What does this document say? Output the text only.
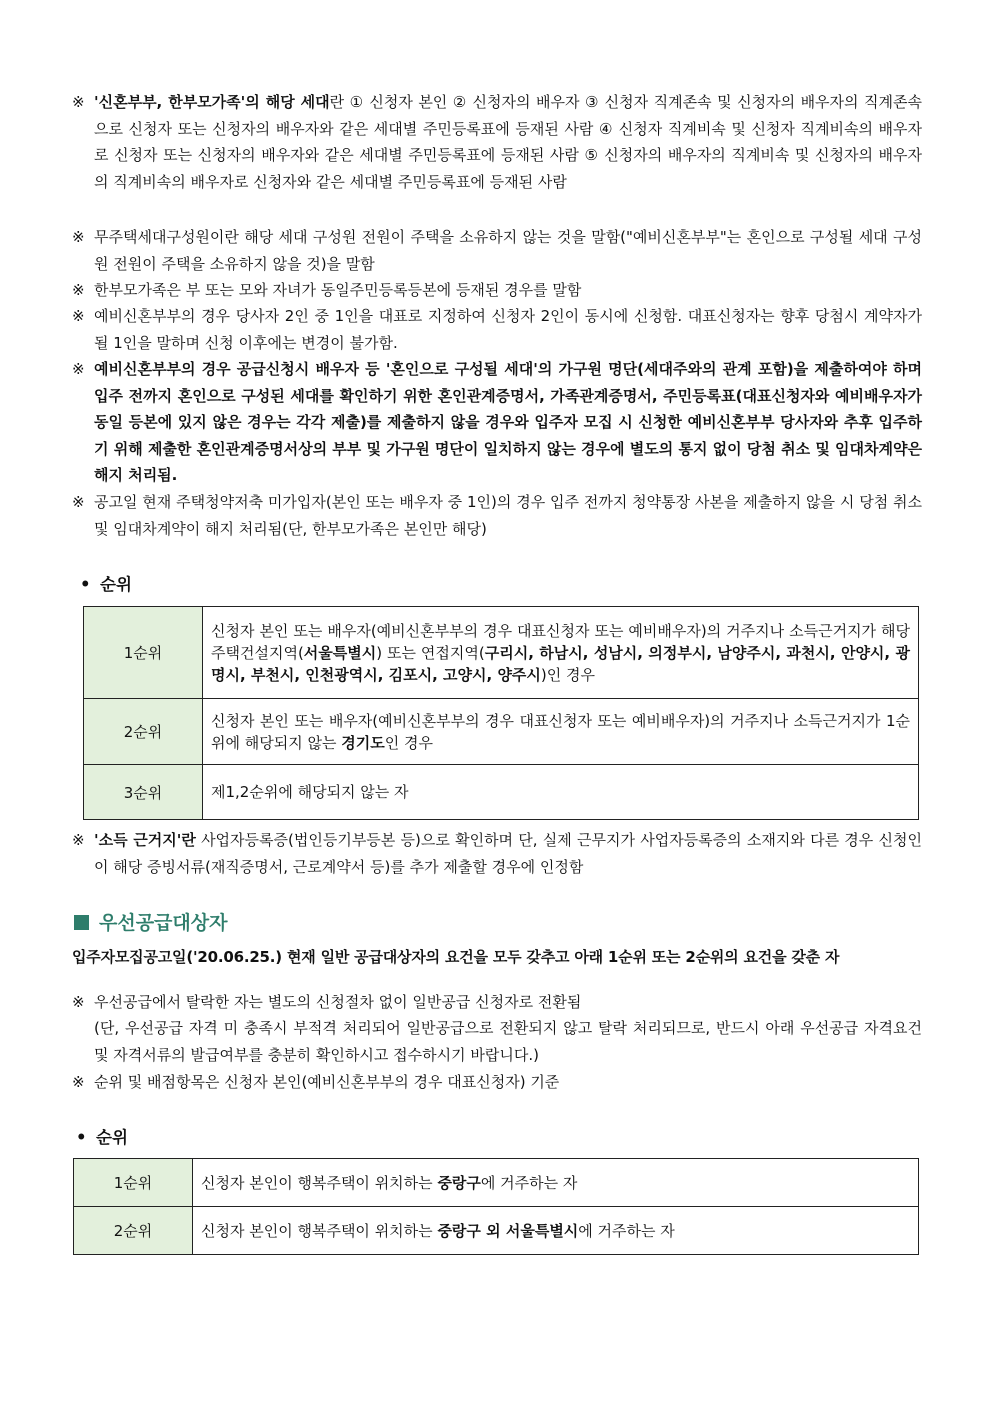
※ '신혼부부, 한부모가족'의 해당 세대란 ① 신청자 본인 ② 신청자의 배우자 ③ 신청자 직계존속 및 신청자의 배우자의 직계존속으로 신청자 또는 신청자의 배우자와 같은 세대별 주민등록표에 등재된 사람 ④ 신청자 직계비속 및 신청자 직계비속의 배우자로 신청자 또는 신청자의 배우자와 같은 세대별 주민등록표에 등재된 사람 ⑤ 신청자의 배우자의 직계비속 및 신청자의 배우자의 직계비속의 배우자로 신청자와 같은 세대별 주민등록표에 등재된 사람
※ 무주택세대구성원이란 해당 세대 구성원 전원이 주택을 소유하지 않는 것을 말함("예비신혼부부"는 혼인으로 구성될 세대 구성원 전원이 주택을 소유하지 않을 것)을 말함
※ 한부모가족은 부 또는 모와 자녀가 동일주민등록등본에 등재된 경우를 말함
※ 예비신혼부부의 경우 당사자 2인 중 1인을 대표로 지정하여 신청자 2인이 동시에 신청함. 대표신청자는 향후 당첨시 계약자가 될 1인을 말하며 신청 이후에는 변경이 불가함.
※ 예비신혼부부의 경우 공급신청시 배우자 등 '혼인으로 구성될 세대'의 가구원 명단(세대주와의 관계 포함)을 제출하여야 하며 입주 전까지 혼인으로 구성된 세대를 확인하기 위한 혼인관계증명서, 가족관계증명서, 주민등록표(대표신청자와 예비배우자가 동일 등본에 있지 않은 경우는 각각 제출)를 제출하지 않을 경우와 입주자 모집 시 신청한 예비신혼부부 당사자와 추후 입주하기 위해 제출한 혼인관계증명서상의 부부 및 가구원 명단이 일치하지 않는 경우에 별도의 통지 없이 당첨 취소 및 임대차계약은 해지 처리됨.
※ 공고일 현재 주택청약저축 미가입자(본인 또는 배우자 중 1인)의 경우 입주 전까지 청약통장 사본을 제출하지 않을 시 당첨 취소 및 임대차계약이 해지 처리됨(단, 한부모가족은 본인만 해당)
• 순위
1순위	신청자 본인 또는 배우자(예비신혼부부의 경우 대표신청자 또는 예비배우자)의 거주지나 소득근거지가 해당 주택건설지역(서울특별시) 또는 연접지역(구리시, 하남시, 성남시, 의정부시, 남양주시, 과천시, 안양시, 광명시, 부천시, 인천광역시, 김포시, 고양시, 양주시)인 경우
2순위	신청자 본인 또는 배우자(예비신혼부부의 경우 대표신청자 또는 예비배우자)의 거주지나 소득근거지가 1순위에 해당되지 않는 경기도인 경우
3순위	제1,2순위에 해당되지 않는 자
※ '소득 근거지'란 사업자등록증(법인등기부등본 등)으로 확인하며 단, 실제 근무지가 사업자등록증의 소재지와 다른 경우 신청인이 해당 증빙서류(재직증명서, 근로계약서 등)를 추가 제출할 경우에 인정함
우선공급대상자
입주자모집공고일('20.06.25.) 현재 일반 공급대상자의 요건을 모두 갖추고 아래 1순위 또는 2순위의 요건을 갖춘 자
※ 우선공급에서 탈락한 자는 별도의 신청절차 없이 일반공급 신청자로 전환됨
(단, 우선공급 자격 미 충족시 부적격 처리되어 일반공급으로 전환되지 않고 탈락 처리되므로, 반드시 아래 우선공급 자격요건 및 자격서류의 발급여부를 충분히 확인하시고 접수하시기 바랍니다.)
※ 순위 및 배점항목은 신청자 본인(예비신혼부부의 경우 대표신청자) 기준
• 순위
1순위	신청자 본인이 행복주택이 위치하는 중랑구에 거주하는 자
2순위	신청자 본인이 행복주택이 위치하는 중랑구 외 서울특별시에 거주하는 자
